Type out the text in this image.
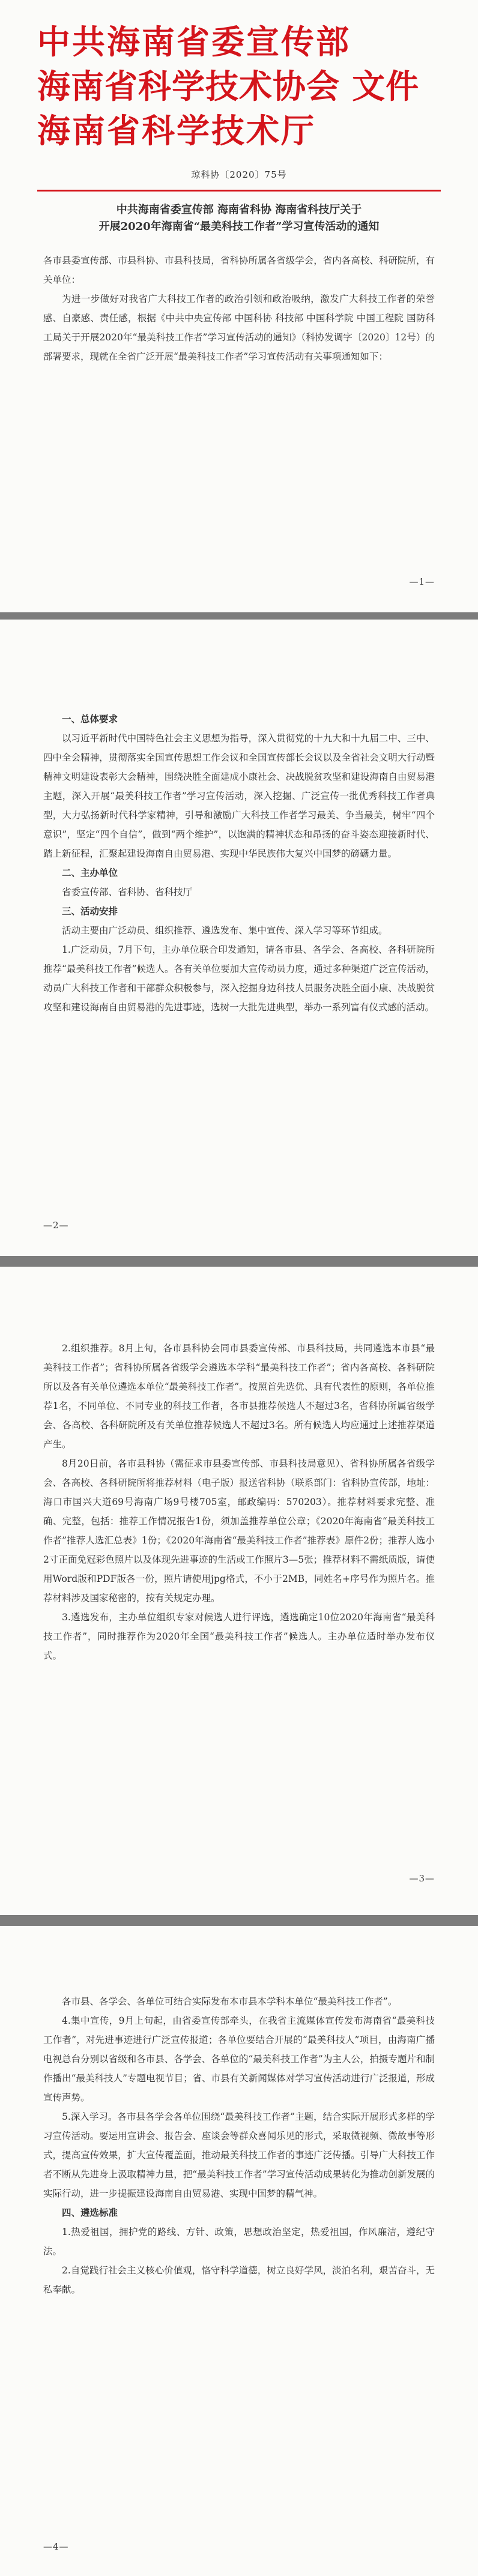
中共海南省委宣传部
海南省科学技术协会 文件
海南省科学技术厅
琼科协〔2020〕75号
中共海南省委宣传部 海南省科协 海南省科技厅关于
开展2020年海南省“最美科技工作者”学习宣传活动的通知

各市县委宣传部、市县科协、市县科技局，省科协所属各省级学会，省内各高校、科研院所，有关单位：

为进一步做好对我省广大科技工作者的政治引领和政治吸纳，激发广大科技工作者的荣誉感、自豪感、责任感，根据《中共中央宣传部 中国科协 科技部 中国科学院 中国工程院 国防科工局关于开展2020年“最美科技工作者”学习宣传活动的通知》（科协发调字〔2020〕12号）的部署要求，现就在全省广泛开展“最美科技工作者”学习宣传活动有关事项通知如下：

—1—

一、总体要求

以习近平新时代中国特色社会主义思想为指导，深入贯彻党的十九大和十九届二中、三中、四中全会精神，贯彻落实全国宣传思想工作会议和全国宣传部长会议以及全省社会文明大行动暨精神文明建设表彰大会精神，围绕决胜全面建成小康社会、决战脱贫攻坚和建设海南自由贸易港主题，深入开展“最美科技工作者”学习宣传活动，深入挖掘、广泛宣传一批优秀科技工作者典型，大力弘扬新时代科学家精神，引导和激励广大科技工作者学习最美、争当最美，树牢“四个意识”，坚定“四个自信”，做到“两个维护”，以饱满的精神状态和昂扬的奋斗姿态迎接新时代、踏上新征程，汇聚起建设海南自由贸易港、实现中华民族伟大复兴中国梦的磅礴力量。

二、主办单位

省委宣传部、省科协、省科技厅

三、活动安排

活动主要由广泛动员、组织推荐、遴选发布、集中宣传、深入学习等环节组成。

1.广泛动员，7月下旬，主办单位联合印发通知，请各市县、各学会、各高校、各科研院所推荐“最美科技工作者”候选人。各有关单位要加大宣传动员力度，通过多种渠道广泛宣传活动，动员广大科技工作者和干部群众积极参与，深入挖掘身边科技人员服务决胜全面小康、决战脱贫攻坚和建设海南自由贸易港的先进事迹，选树一大批先进典型，举办一系列富有仪式感的活动。

—2—

2.组织推荐。8月上旬，各市县科协会同市县委宣传部、市县科技局，共同遴选本市县“最美科技工作者”；省科协所属各省级学会遴选本学科“最美科技工作者”；省内各高校、各科研院所以及各有关单位遴选本单位“最美科技工作者”。按照首先选优、具有代表性的原则，各单位推荐1名，不同单位、不同专业的科技工作者，各市县推荐候选人不超过3名，省科协所属省级学会、各高校、各科研院所及有关单位推荐候选人不超过3名。所有候选人均应通过上述推荐渠道产生。

8月20日前，各市县科协（需征求市县委宣传部、市县科技局意见）、省科协所属各省级学会、各高校、各科研院所将推荐材料（电子版）报送省科协（联系部门：省科协宣传部，地址：海口市国兴大道69号海南广场9号楼705室，邮政编码：570203）。推荐材料要求完整、准确、完整，包括：推荐工作情况报告1份，须加盖推荐单位公章；《2020年海南省“最美科技工作者”推荐人选汇总表》1份；《2020年海南省“最美科技工作者”推荐表》原件2份；推荐人选小2寸正面免冠彩色照片以及体现先进事迹的生活或工作照片3—5张；推荐材料不需纸质版，请使用Word版和PDF版各一份，照片请使用jpg格式，不小于2MB，同姓名+序号作为照片名。推荐材料涉及国家秘密的，按有关规定办理。

3.遴选发布，主办单位组织专家对候选人进行评选，遴选确定10位2020年海南省“最美科技工作者”，同时推荐作为2020年全国“最美科技工作者”候选人。主办单位适时举办发布仪式。

—3—

各市县、各学会、各单位可结合实际发布本市县本学科本单位“最美科技工作者”。

4.集中宣传，9月上旬起，由省委宣传部牵头，在我省主流媒体宣传发布海南省“最美科技工作者”，对先进事迹进行广泛宣传报道；各单位要结合开展的“最美科技人”项目，由海南广播电视总台分别以省级和各市县、各学会、各单位的“最美科技工作者”为主人公，拍摄专题片和制作播出“最美科技人”专题电视节目；省、市县有关新闻媒体对学习宣传活动进行广泛报道，形成宣传声势。

5.深入学习。各市县各学会各单位围绕“最美科技工作者”主题，结合实际开展形式多样的学习宣传活动。要运用宣讲会、报告会、座谈会等群众喜闻乐见的形式，采取微视频、微故事等形式，提高宣传效果，扩大宣传覆盖面，推动最美科技工作者的事迹广泛传播。引导广大科技工作者不断从先进身上汲取精神力量，把“最美科技工作者”学习宣传活动成果转化为推动创新发展的实际行动，进一步提振建设海南自由贸易港、实现中国梦的精气神。

四、遴选标准

1.热爱祖国，拥护党的路线、方针、政策，思想政治坚定，热爱祖国，作风廉洁，遵纪守法。

2.自觉践行社会主义核心价值观，恪守科学道德，树立良好学风，淡泊名利，艰苦奋斗，无私奉献。

—4—
